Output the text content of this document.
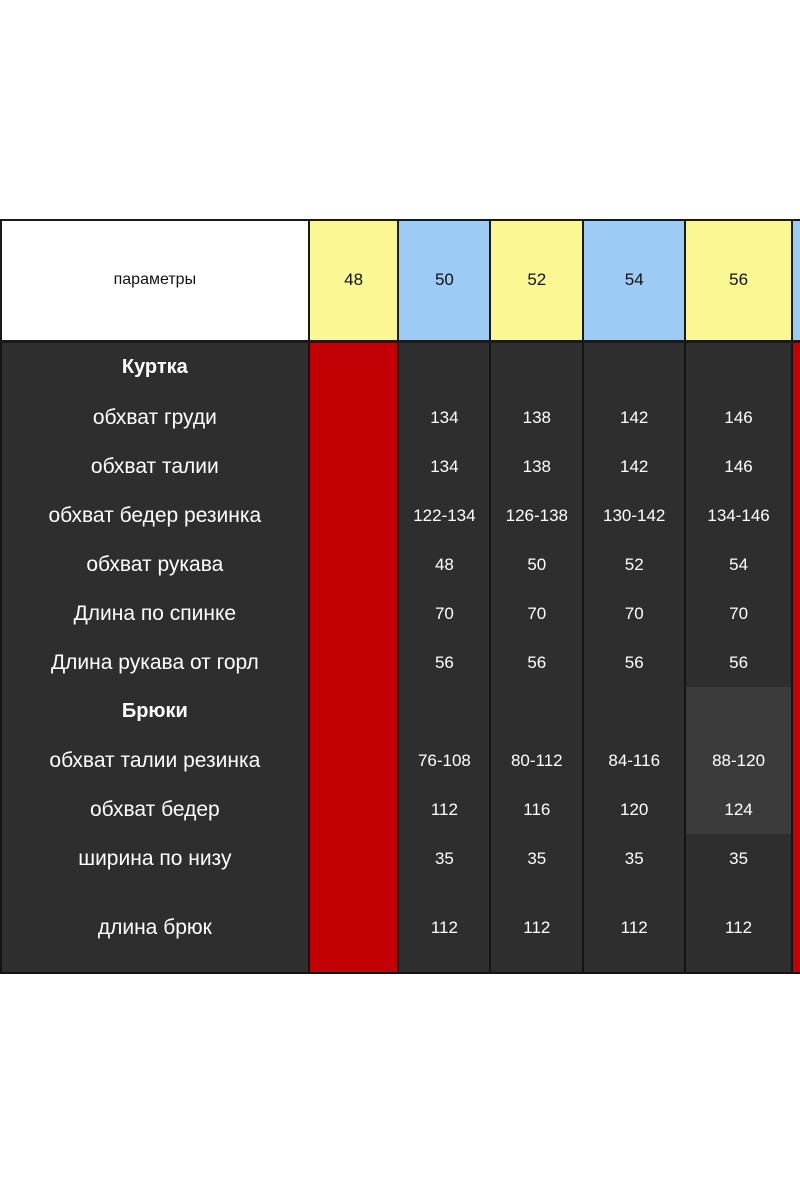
параметры	48	50	52	54	56	
Куртка						
обхват груди		134	138	142	146	
обхват талии		134	138	142	146	
обхват бедер резинка		122-134	126-138	130-142	134-146	
обхват рукава		48	50	52	54	
Длина по спинке		70	70	70	70	
Длина рукава от горл		56	56	56	56	
Брюки						
обхват талии резинка		76-108	80-112	84-116	88-120	
обхват бедер		112	116	120	124	
ширина по низу		35	35	35	35	
длина брюк		112	112	112	112	
